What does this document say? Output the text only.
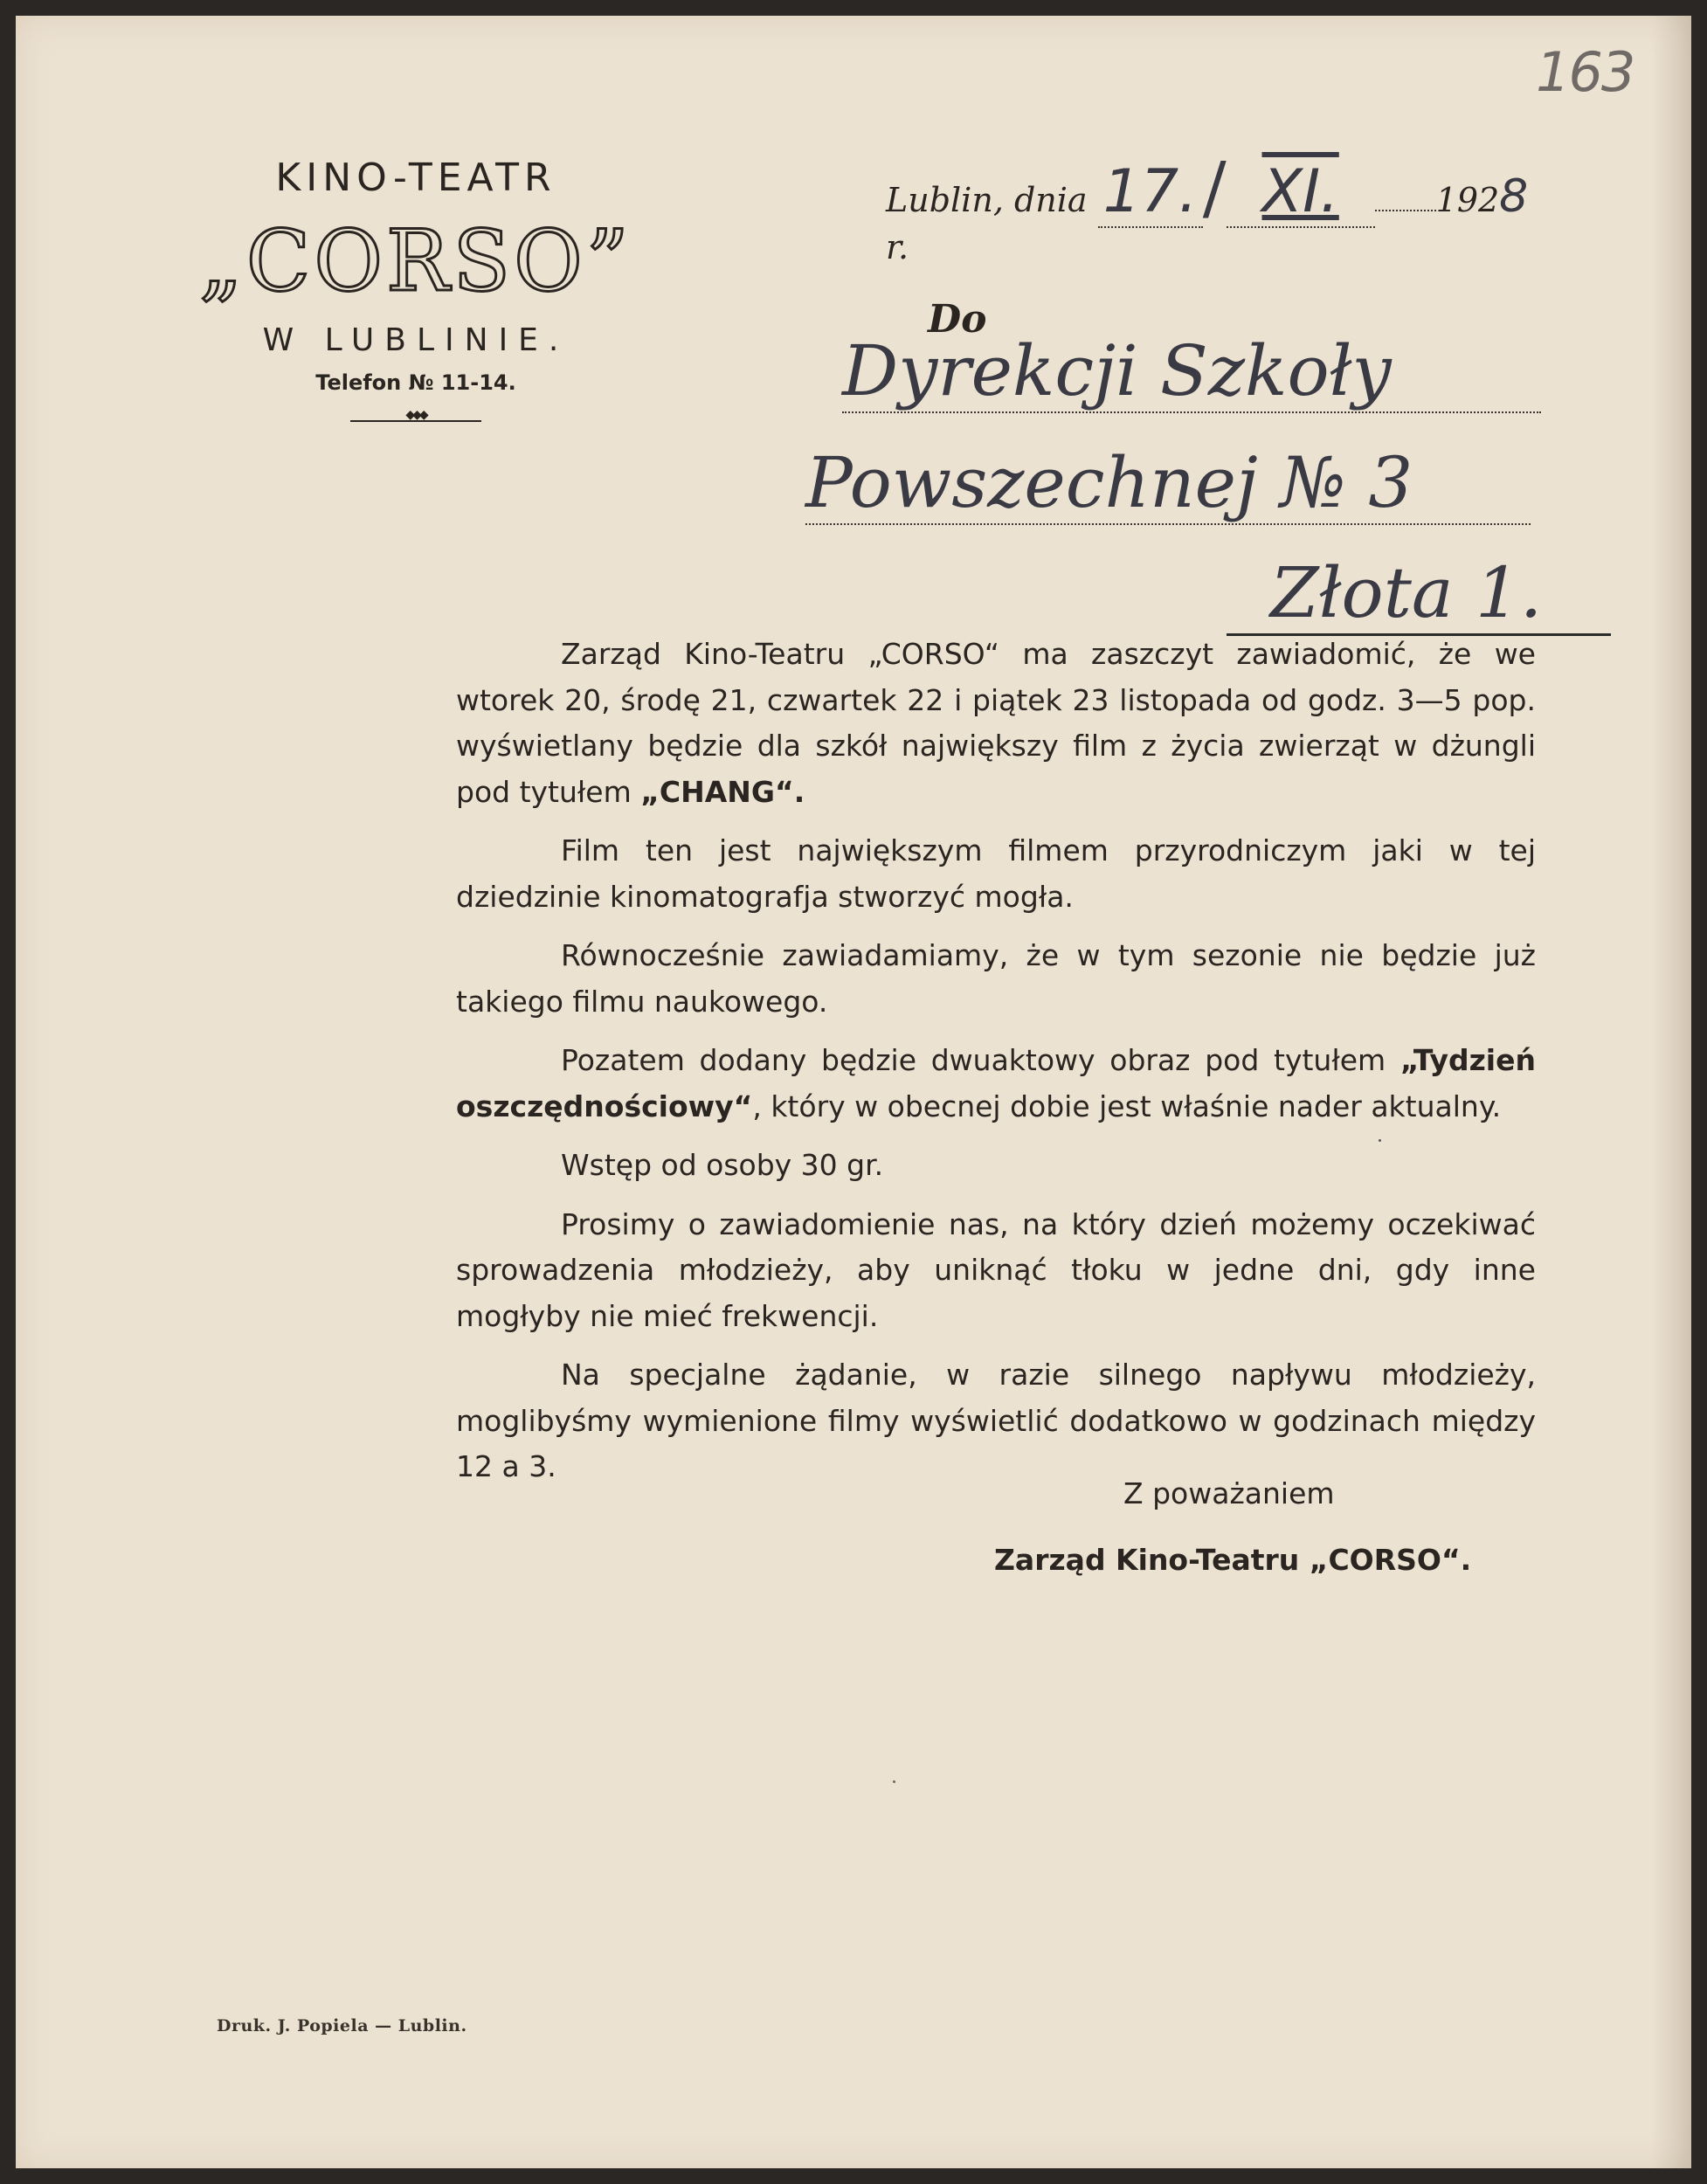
163
KINO-TEATR
„CORSO”
W LUBLINIE.
Telefon № 11-14.
◆◆◆
Lublin, dnia 17./ XI.	1928 r.
Do
Dyrekcji Szkoły
Powszechnej № 3
Złota 1.

Zarząd Kino-Teatru „CORSO“ ma zaszczyt zawiadomić, że we wtorek 20, środę 21, czwartek 22 i piątek 23 listopada od godz. 3—5 pop. wyświetlany będzie dla szkół największy film z życia zwierząt w dżungli pod tytułem „CHANG“.

Film ten jest największym filmem przyrodniczym jaki w tej dziedzinie kinomatografja stworzyć mogła.

Równocześnie zawiadamiamy, że w tym sezonie nie będzie już takiego filmu naukowego.

Pozatem dodany będzie dwuaktowy obraz pod tytułem „Tydzień oszczędnościowy“, który w obecnej dobie jest właśnie nader aktualny.

Wstęp od osoby 30 gr.

Prosimy o zawiadomienie nas, na który dzień możemy oczekiwać sprowadzenia młodzieży, aby uniknąć tłoku w jedne dni, gdy inne mogłyby nie mieć frekwencji.

Na specjalne żądanie, w razie silnego napływu młodzieży, moglibyśmy wymienione filmy wyświetlić dodatkowo w godzinach między 12 a 3.

Z poważaniem
Zarząd Kino-Teatru „CORSO“.
Druk. J. Popiela — Lublin.
